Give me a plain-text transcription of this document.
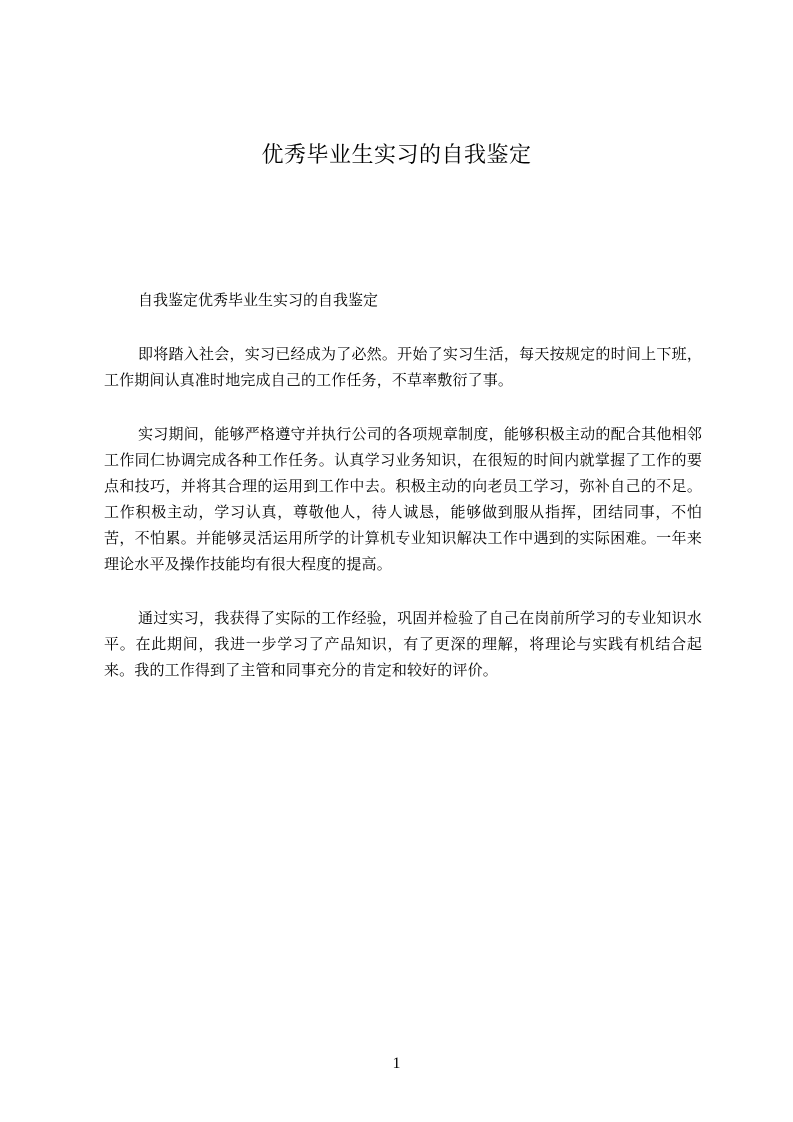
优秀毕业生实习的自我鉴定
自我鉴定优秀毕业生实习的自我鉴定

即将踏入社会，实习已经成为了必然。开始了实习生活，每天按规定的时间上下班，工作期间认真准时地完成自己的工作任务，不草率敷衍了事。

实习期间，能够严格遵守并执行公司的各项规章制度，能够积极主动的配合其他相邻工作同仁协调完成各种工作任务。认真学习业务知识，在很短的时间内就掌握了工作的要点和技巧，并将其合理的运用到工作中去。积极主动的向老员工学习，弥补自己的不足。工作积极主动，学习认真，尊敬他人，待人诚恳，能够做到服从指挥，团结同事，不怕苦，不怕累。并能够灵活运用所学的计算机专业知识解决工作中遇到的实际困难。一年来理论水平及操作技能均有很大程度的提高。

通过实习，我获得了实际的工作经验，巩固并检验了自己在岗前所学习的专业知识水平。在此期间，我进一步学习了产品知识，有了更深的理解，将理论与实践有机结合起来。我的工作得到了主管和同事充分的肯定和较好的评价。

1
